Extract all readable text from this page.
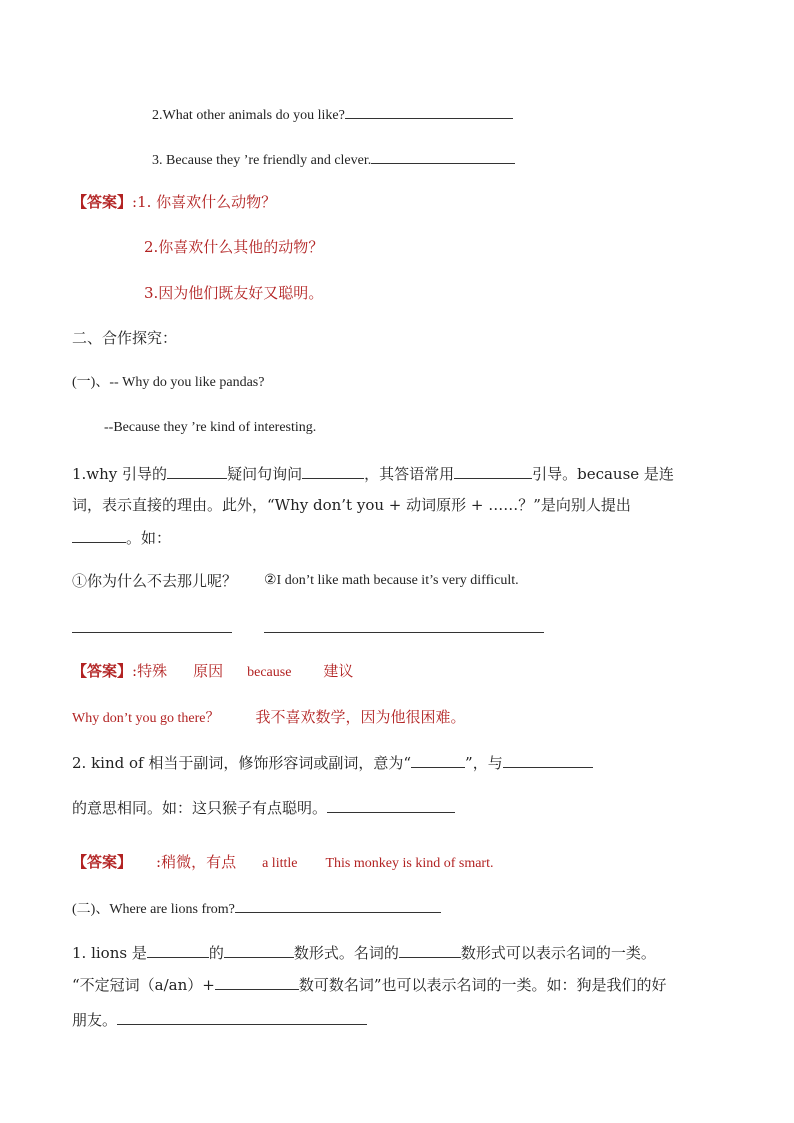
2.What other animals do you like?
3. Because they ’re friendly and clever.
【答案】:1. 你喜欢什么动物？
2.你喜欢什么其他的动物？
3.因为他们既友好又聪明。
二、合作探究：
(一)、-- Why do you like pandas?
--Because they ’re kind of interesting.
1.why 引导的	疑问句询问	，其答语常用	引导。because 是连
词，表示直接的理由。此外，“Why don’t you + 动词原形 + ……？”是向别人提出
。如：
①你为什么不去那儿呢？ ②I don’t like math because it’s very difficult.
【答案】:特殊 原因 because 建议
Why don’t you go there？ 我不喜欢数学，因为他很困难。
2. kind of 相当于副词，修饰形容词或副词，意为“	”，与
的意思相同。如：这只猴子有点聪明。
【答案】 :稍微，有点 a little This monkey is kind of smart.
(二)、Where are lions from?
1. lions 是	的	数形式。名词的	数形式可以表示名词的一类。
“不定冠词（a/an）+	数可数名词”也可以表示名词的一类。如：狗是我们的好
朋友。
